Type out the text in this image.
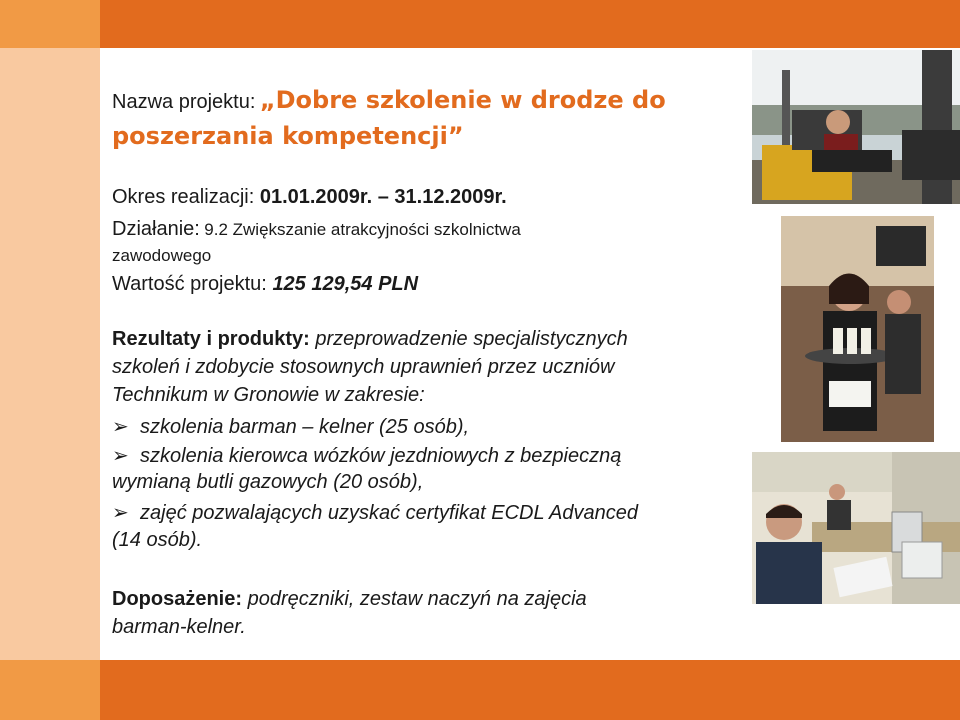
Nazwa projektu: „Dobre szkolenie w drodze do
poszerzania kompetencji”
Okres realizacji: 01.01.2009r. – 31.12.2009r.
Działanie: 9.2 Zwiększanie atrakcyjności szkolnictwa
zawodowego
Wartość projektu: 125 129,54 PLN
Rezultaty i produkty: przeprowadzenie specjalistycznych
szkoleń i zdobycie stosownych uprawnień przez uczniów
Technikum w Gronowie w zakresie:
➢ szkolenia barman – kelner (25 osób),
➢ szkolenia kierowca wózków jezdniowych z bezpieczną
wymianą butli gazowych (20 osób),
➢ zajęć pozwalających uzyskać certyfikat ECDL Advanced
(14 osób).
Doposażenie: podręczniki, zestaw naczyń na zajęcia
barman-kelner.
